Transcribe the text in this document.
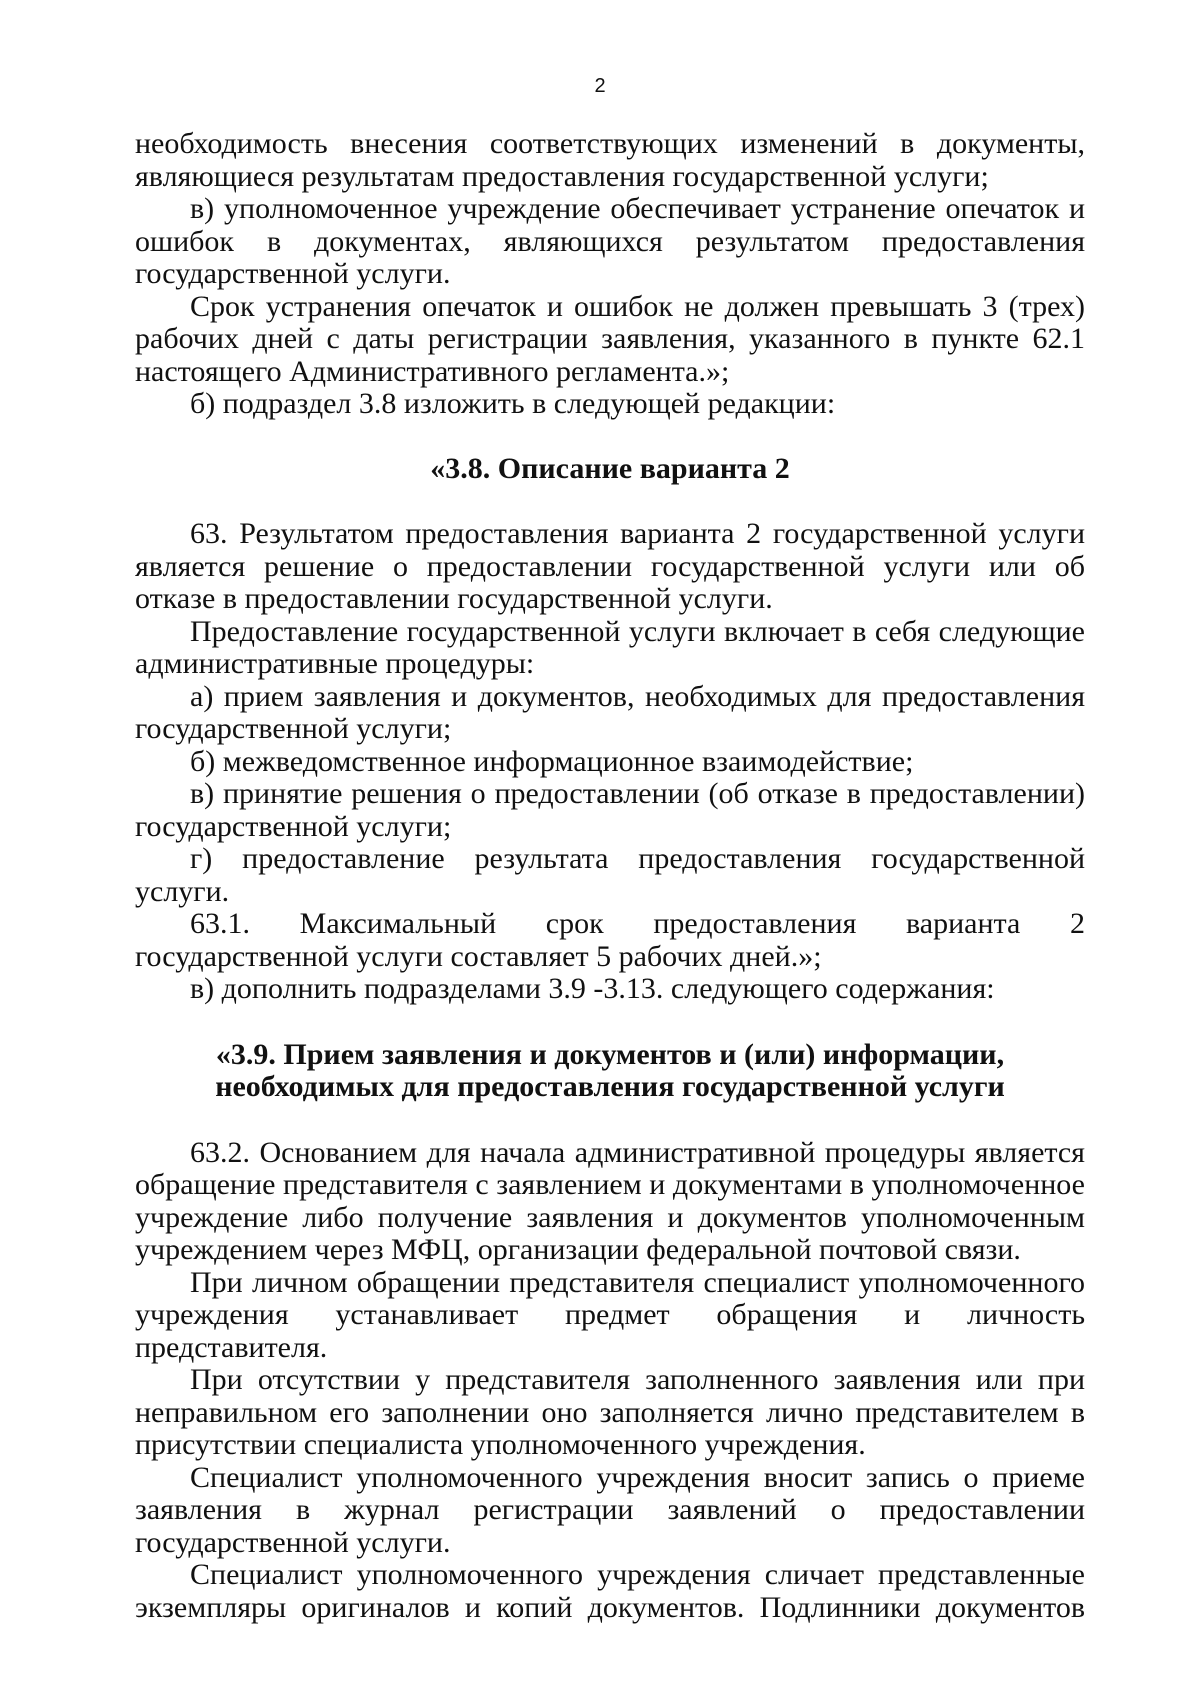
2

необходимость внесения соответствующих изменений в документы, являющиеся результатам предоставления государственной услуги;

в) уполномоченное учреждение обеспечивает устранение опечаток и ошибок в документах, являющихся результатом предоставления государственной услуги.

Срок устранения опечаток и ошибок не должен превышать 3 (трех) рабочих дней с даты регистрации заявления, указанного в пункте 62.1 настоящего Административного регламента.»;

б) подраздел 3.8 изложить в следующей редакции:

«3.8. Описание варианта 2

63. Результатом предоставления варианта 2 государственной услуги является решение о предоставлении государственной услуги или об отказе в предоставлении государственной услуги.

Предоставление государственной услуги включает в себя следующие административные процедуры:

а) прием заявления и документов, необходимых для предоставления государственной услуги;

б) межведомственное информационное взаимодействие;

в) принятие решения о предоставлении (об отказе в предоставлении) государственной услуги;

г) предоставление результата предоставления государственной услуги.

63.1. Максимальный срок предоставления варианта 2 государственной услуги составляет 5 рабочих дней.»;

в) дополнить подразделами 3.9 -3.13. следующего содержания:

«3.9. Прием заявления и документов и (или) информации,
необходимых для предоставления государственной услуги

63.2. Основанием для начала административной процедуры является обращение представителя с заявлением и документами в уполномоченное учреждение либо получение заявления и документов уполномоченным учреждением через МФЦ, организации федеральной почтовой связи.

При личном обращении представителя специалист уполномоченного учреждения устанавливает предмет обращения и личность представителя.

При отсутствии у представителя заполненного заявления или при неправильном его заполнении оно заполняется лично представителем в присутствии специалиста уполномоченного учреждения.

Специалист уполномоченного учреждения вносит запись о приеме заявления в журнал регистрации заявлений о предоставлении государственной услуги.

Специалист уполномоченного учреждения сличает представленные экземпляры оригиналов и копий документов. Подлинники документов
